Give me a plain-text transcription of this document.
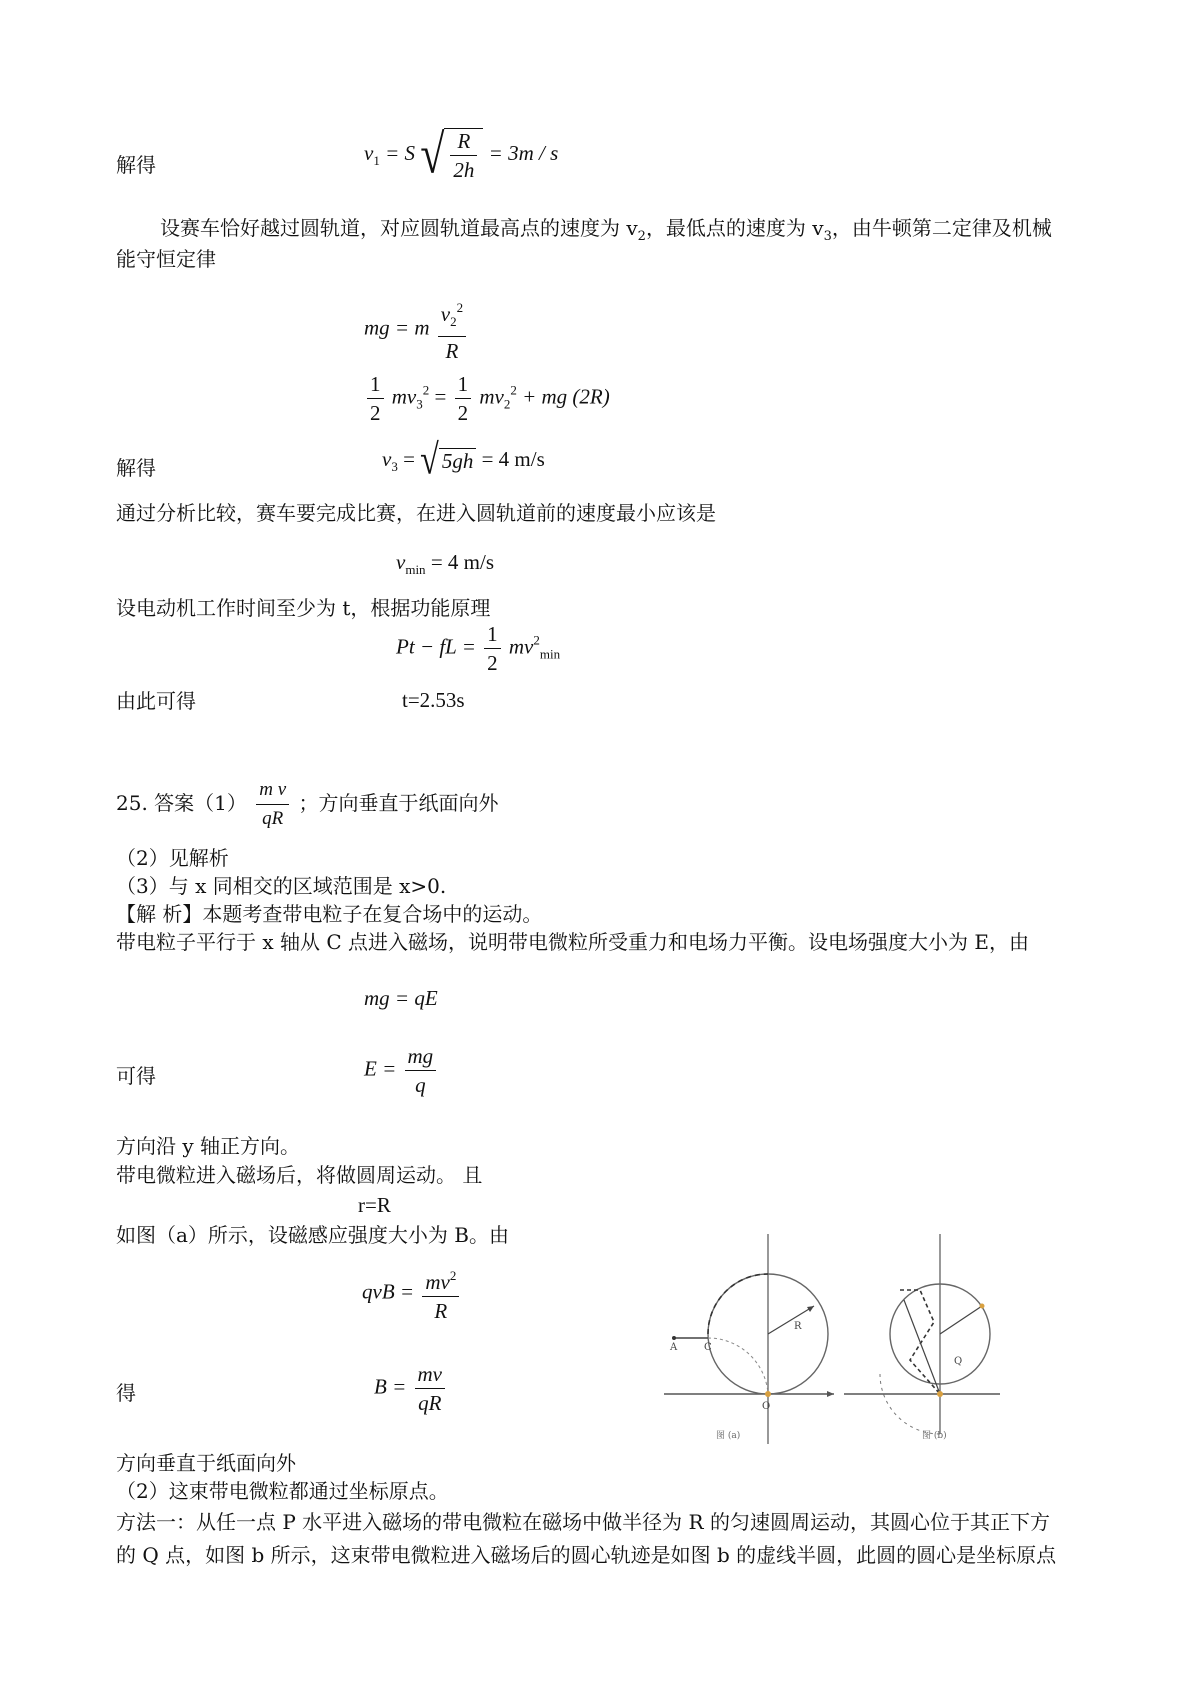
解得
$v_1 = S$ √ $\frac{R}{2h} = 3m / s$
设赛车恰好越过圆轨道，对应圆轨道最高点的速度为 $v_2$，最低点的速度为 $v_3$，由牛顿第二定律及机械
能守恒定律
mg = m $\frac{v_2^2}{R}$
$\frac{1}{2} mv_3^2 = \frac{1}{2} mv_2^2$ + mg (2R)
解得	$v_3$ = √ 5gh = 4 m/s
通过分析比较，赛车要完成比赛，在进入圆轨道前的速度最小应该是
$v_{min} = 4$ m/s
设电动机工作时间至少为 t，根据功能原理
Pt − fL = $\frac{1}{2} mv^2_{min}$
由此可得	t=2.53s
25. 答案$(1) \frac{\text{m v}}{qR}$ ；方向垂直于纸面向外
（2）见解析
（3）与 x 同相交的区域范围是 x>0.
【解 析】本题考查带电粒子在复合场中的运动。
带电粒子平行于 x 轴从 C 点进入磁场，说明带电微粒所受重力和电场力平衡。设电场强度大小为 E，由
mg = qE
可得	$E = \frac{mg}{q}$
方向沿 y 轴正方向。
带电微粒进入磁场后，将做圆周运动。 且
r=R
如图（a）所示，设磁感应强度大小为 B。由
qvB = $\frac{mv^2}{R}$
得	$B = \frac{mv}{qR}$
方向垂直于纸面向外
（2）这束带电微粒都通过坐标原点。
方法一：从任一点 P 水平进入磁场的带电微粒在磁场中做半径为 R 的匀速圆周运动，其圆心位于其正下方
的 Q 点，如图 b 所示，这束带电微粒进入磁场后的圆心轨迹是如图 b 的虚线半圆，此圆的圆心是坐标原点
A	C
O
R
图 (a)
Q
图 (b)
